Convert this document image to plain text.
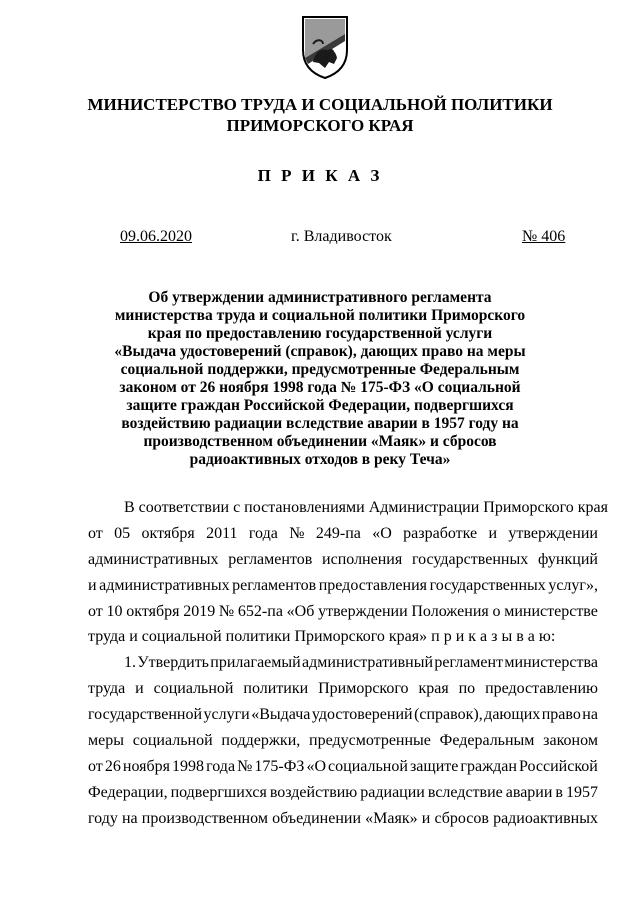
МИНИСТЕРСТВО ТРУДА И СОЦИАЛЬНОЙ ПОЛИТИКИ
ПРИМОРСКОГО КРАЯ
П Р И К А З
09.06.2020	г. Владивосток	№ 406
Об утверждении административного регламента
министерства труда и социальной политики Приморского
края по предоставлению государственной услуги
«Выдача удостоверений (справок), дающих право на меры
социальной поддержки, предусмотренные Федеральным
законом от 26 ноября 1998 года № 175-ФЗ «О социальной
защите граждан Российской Федерации, подвергшихся
воздействию радиации вследствие аварии в 1957 году на
производственном объединении «Маяк» и сбросов
радиоактивных отходов в реку Теча»
В соответствии с постановлениями Администрации Приморского края
от 05 октября 2011 года № 249-па «О разработке и утверждении
административных регламентов исполнения государственных функций
и административных регламентов предоставления государственных услуг»,
от 10 октября 2019 № 652-па «Об утверждении Положения о министерстве
труда и социальной политики Приморского края» п р и к а з ы в а ю:
1. Утвердить прилагаемый административный регламент министерства
труда и социальной политики Приморского края по предоставлению
государственной услуги «Выдача удостоверений (справок), дающих право на
меры социальной поддержки, предусмотренные Федеральным законом
от 26 ноября 1998 года № 175-ФЗ «О социальной защите граждан Российской
Федерации, подвергшихся воздействию радиации вследствие аварии в 1957
году на производственном объединении «Маяк» и сбросов радиоактивных
